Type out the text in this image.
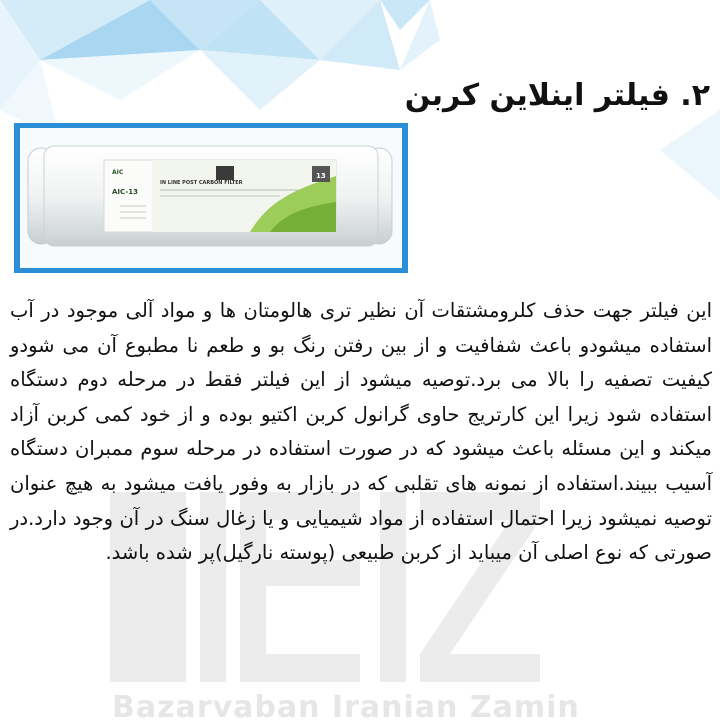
Bazarvaban Iranian Zamin
۲. فیلتر اینلاین کربن
AIC
AIC-13
IN LINE POST CARBON FILTER
13
این فیلتر جهت حذف کلرومشتقات آن نظیر تری هالومتان ها و مواد آلی موجود در آب استفاده میشودو باعث شفافیت و از بین رفتن رنگ بو و طعم نا مطبوع آن می شودو کیفیت تصفیه را بالا می برد.توصیه میشود از این فیلتر فقط در مرحله دوم دستگاه استفاده شود زیرا این کارتریج حاوی گرانول کربن اکتیو بوده و از خود کمی کربن آزاد میکند و این مسئله باعث میشود که در صورت استفاده در مرحله سوم ممبران دستگاه آسیب ببیند.استفاده از نمونه های تقلبی که در بازار به وفور یافت میشود به هیچ عنوان توصیه نمیشود زیرا احتمال استفاده از مواد شیمیایی و یا زغال سنگ در آن وجود دارد.در صورتی که نوع اصلی آن میباید از کربن طبیعی (پوسته نارگیل)پر شده باشد.
